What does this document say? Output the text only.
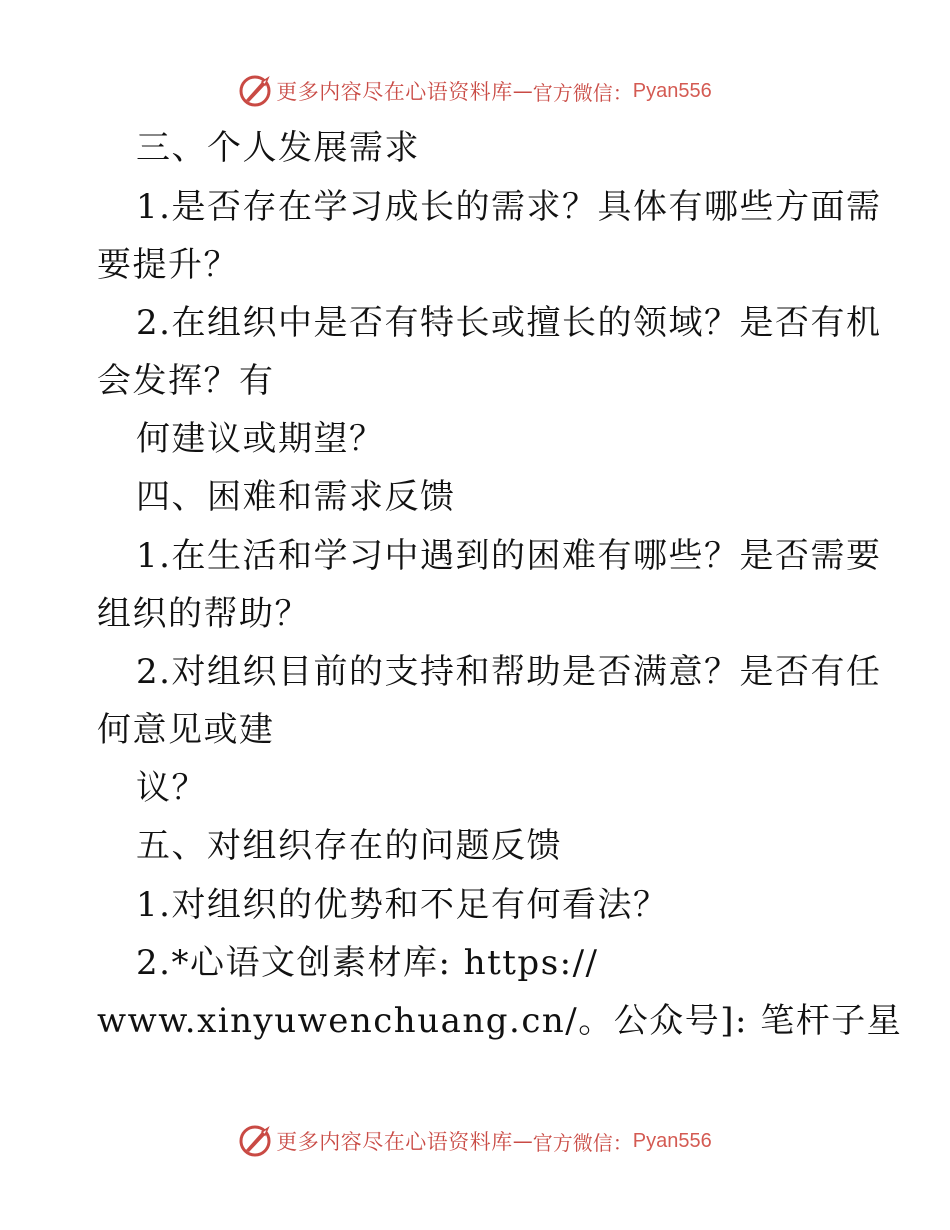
更多内容尽在心语资料库 — 官方微信： Pyan556
三、个人发展需求
1.是否存在学习成长的需求？具体有哪些方面需
要提升？
2.在组织中是否有特长或擅长的领域？是否有机
会发挥？有
何建议或期望？
四、困难和需求反馈
1.在生活和学习中遇到的困难有哪些？是否需要
组织的帮助？
2.对组织目前的支持和帮助是否满意？是否有任
何意见或建
议？
五、对组织存在的问题反馈
1.对组织的优势和不足有何看法？
2.*心语文创素材库: https://
www.xinyuwenchuang.cn/。公众号]: 笔杆子星
更多内容尽在心语资料库 — 官方微信： Pyan556
